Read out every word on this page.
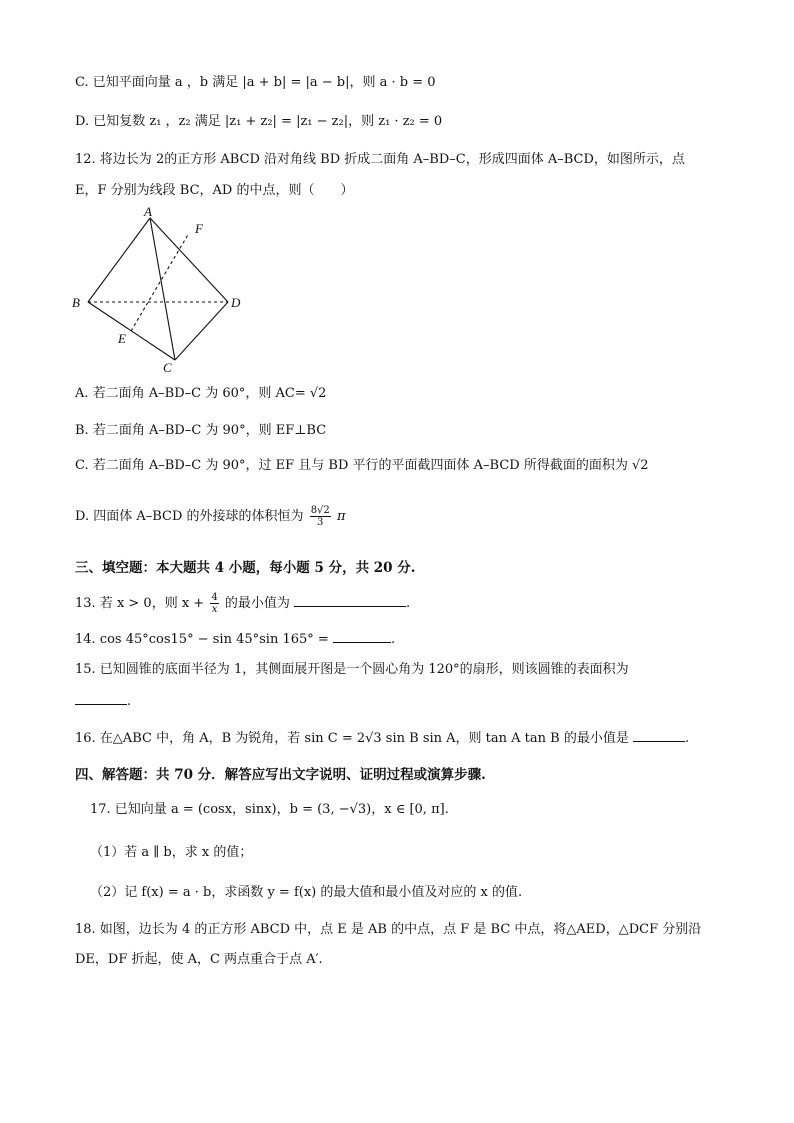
C. 已知平面向量 a ，b 满足 |a + b| = |a − b|，则 a · b = 0
D. 已知复数 z₁ ，z₂ 满足 |z₁ + z₂| = |z₁ − z₂|，则 z₁ · z₂ = 0
12. 将边长为 2的正方形 ABCD 沿对角线 BD 折成二面角 A–BD–C，形成四面体 A–BCD，如图所示，点
E，F 分别为线段 BC，AD 的中点，则（　　）
A
B
C
D
E
F
A. 若二面角 A–BD–C 为 60°，则 AC= √2
B. 若二面角 A–BD–C 为 90°，则 EF⊥BC
C. 若二面角 A–BD–C 为 90°，过 EF 且与 BD 平行的平面截四面体 A–BCD 所得截面的面积为 √2
D. 四面体 A–BCD 的外接球的体积恒为 $\frac{8√2}{3}$ π
三、填空题：本大题共 4 小题，每小题 5 分，共 20 分.
13. 若 x > 0，则 $x + \frac{4}{x}$ 的最小值为	.
14. cos 45°cos15° − sin 45°sin 165° =	.
15. 已知圆锥的底面半径为 1，其侧面展开图是一个圆心角为 120°的扇形，则该圆锥的表面积为
.
16. 在△ABC 中，角 A，B 为锐角，若 sin C = 2√3 sin B sin A，则 tan A tan B 的最小值是	.
四、解答题：共 70 分．解答应写出文字说明、证明过程或演算步骤.
17. 已知向量 a = (cosx，sinx)，b = (3, −√3)，x ∈ [0, π].
（1）若 a ∥ b，求 x 的值；
（2）记 f(x) = a · b，求函数 y = f(x) 的最大值和最小值及对应的 x 的值.
18. 如图，边长为 4 的正方形 ABCD 中，点 E 是 AB 的中点，点 F 是 BC 中点，将△AED，△DCF 分别沿
DE，DF 折起，使 A，C 两点重合于点 A′.
